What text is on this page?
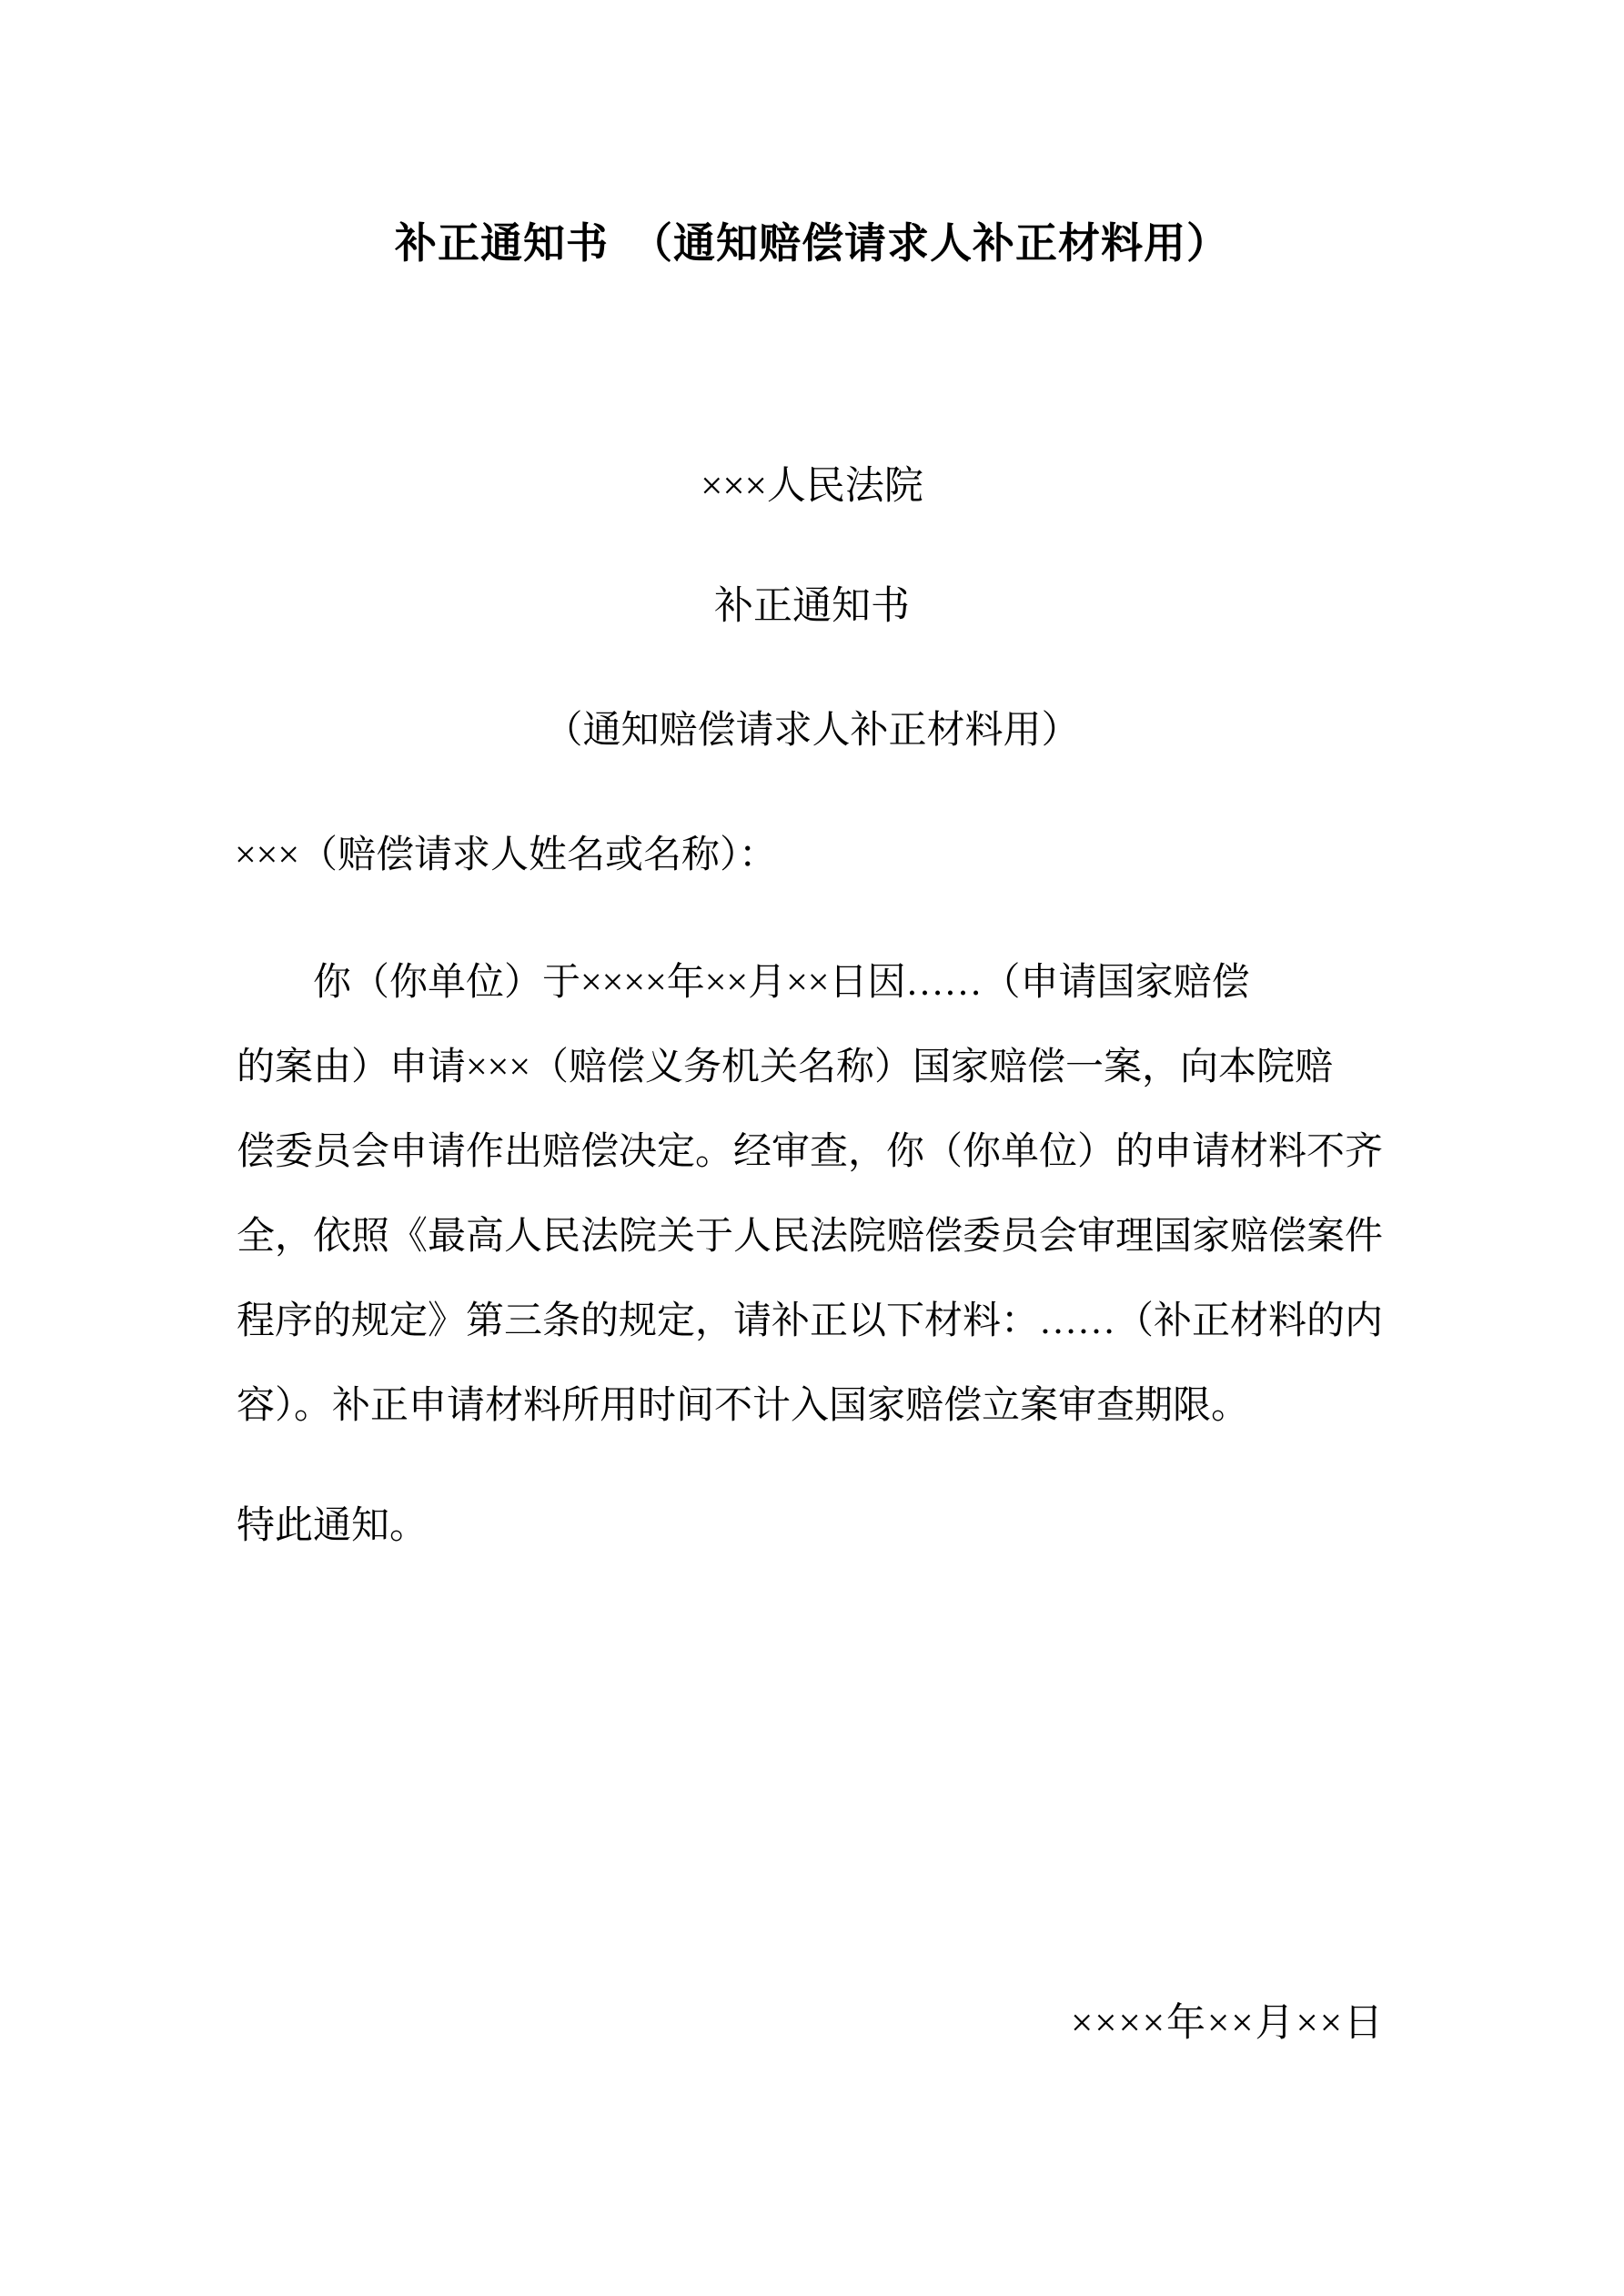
补正通知书　（通知赔偿请求人补正材料用）
×××人民法院
补正通知书
（通知赔偿请求人补正材料用）
×××（赔偿请求人姓名或名称）：
你（你单位）于××××年××月××日因……（申请国家赔偿
的案由）申请×××（赔偿义务机关名称）国家赔偿一案，向本院赔
偿委员会申请作出赔偿决定。经审查，你（你单位）的申请材料不齐
全，依照《最高人民法院关于人民法院赔偿委员会审理国家赔偿案件
程序的规定》第三条的规定，请补正以下材料：……（补正材料的内
容）。补正申请材料所用时间不计入国家赔偿立案审查期限。
特此通知。
××××年××月××日
